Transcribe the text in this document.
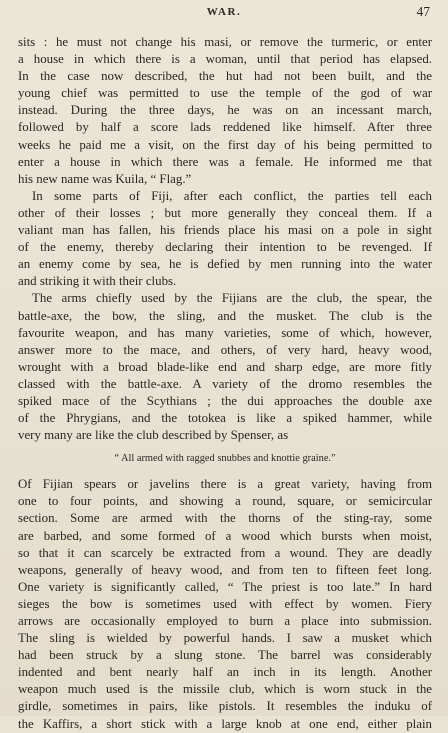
WAR.	47
sits : he must not change his masi, or remove the turmeric, or enter
a house in which there is a woman, until that period has elapsed.
In the case now described, the hut had not been built, and the
young chief was permitted to use the temple of the god of war
instead. During the three days, he was on an incessant march,
followed by half a score lads reddened like himself. After three
weeks he paid me a visit, on the first day of his being permitted to
enter a house in which there was a female. He informed me that
his new name was Kuila, “ Flag.”
In some parts of Fiji, after each conflict, the parties tell each
other of their losses ; but more generally they conceal them. If a
valiant man has fallen, his friends place his masi on a pole in sight
of the enemy, thereby declaring their intention to be revenged. If
an enemy come by sea, he is defied by men running into the water
and striking it with their clubs.
The arms chiefly used by the Fijians are the club, the spear, the
battle-axe, the bow, the sling, and the musket. The club is the
favourite weapon, and has many varieties, some of which, however,
answer more to the mace, and others, of very hard, heavy wood,
wrought with a broad blade-like end and sharp edge, are more fitly
classed with the battle-axe. A variety of the dromo resembles the
spiked mace of the Scythians ; the dui approaches the double axe
of the Phrygians, and the totokea is like a spiked hammer, while
very many are like the club described by Spenser, as
“ All armed with ragged snubbes and knottie graine.”
Of Fijian spears or javelins there is a great variety, having from
one to four points, and showing a round, square, or semicircular
section. Some are armed with the thorns of the sting-ray, some
are barbed, and some formed of a wood which bursts when moist,
so that it can scarcely be extracted from a wound. They are deadly
weapons, generally of heavy wood, and from ten to fifteen feet long.
One variety is significantly called, “ The priest is too late.” In hard
sieges the bow is sometimes used with effect by women. Fiery
arrows are occasionally employed to burn a place into submission.
The sling is wielded by powerful hands. I saw a musket which
had been struck by a slung stone. The barrel was considerably
indented and bent nearly half an inch in its length. Another
weapon much used is the missile club, which is worn stuck in the
girdle, sometimes in pairs, like pistols. It resembles the induku of
the Kaffirs, a short stick with a large knob at one end, either plain
